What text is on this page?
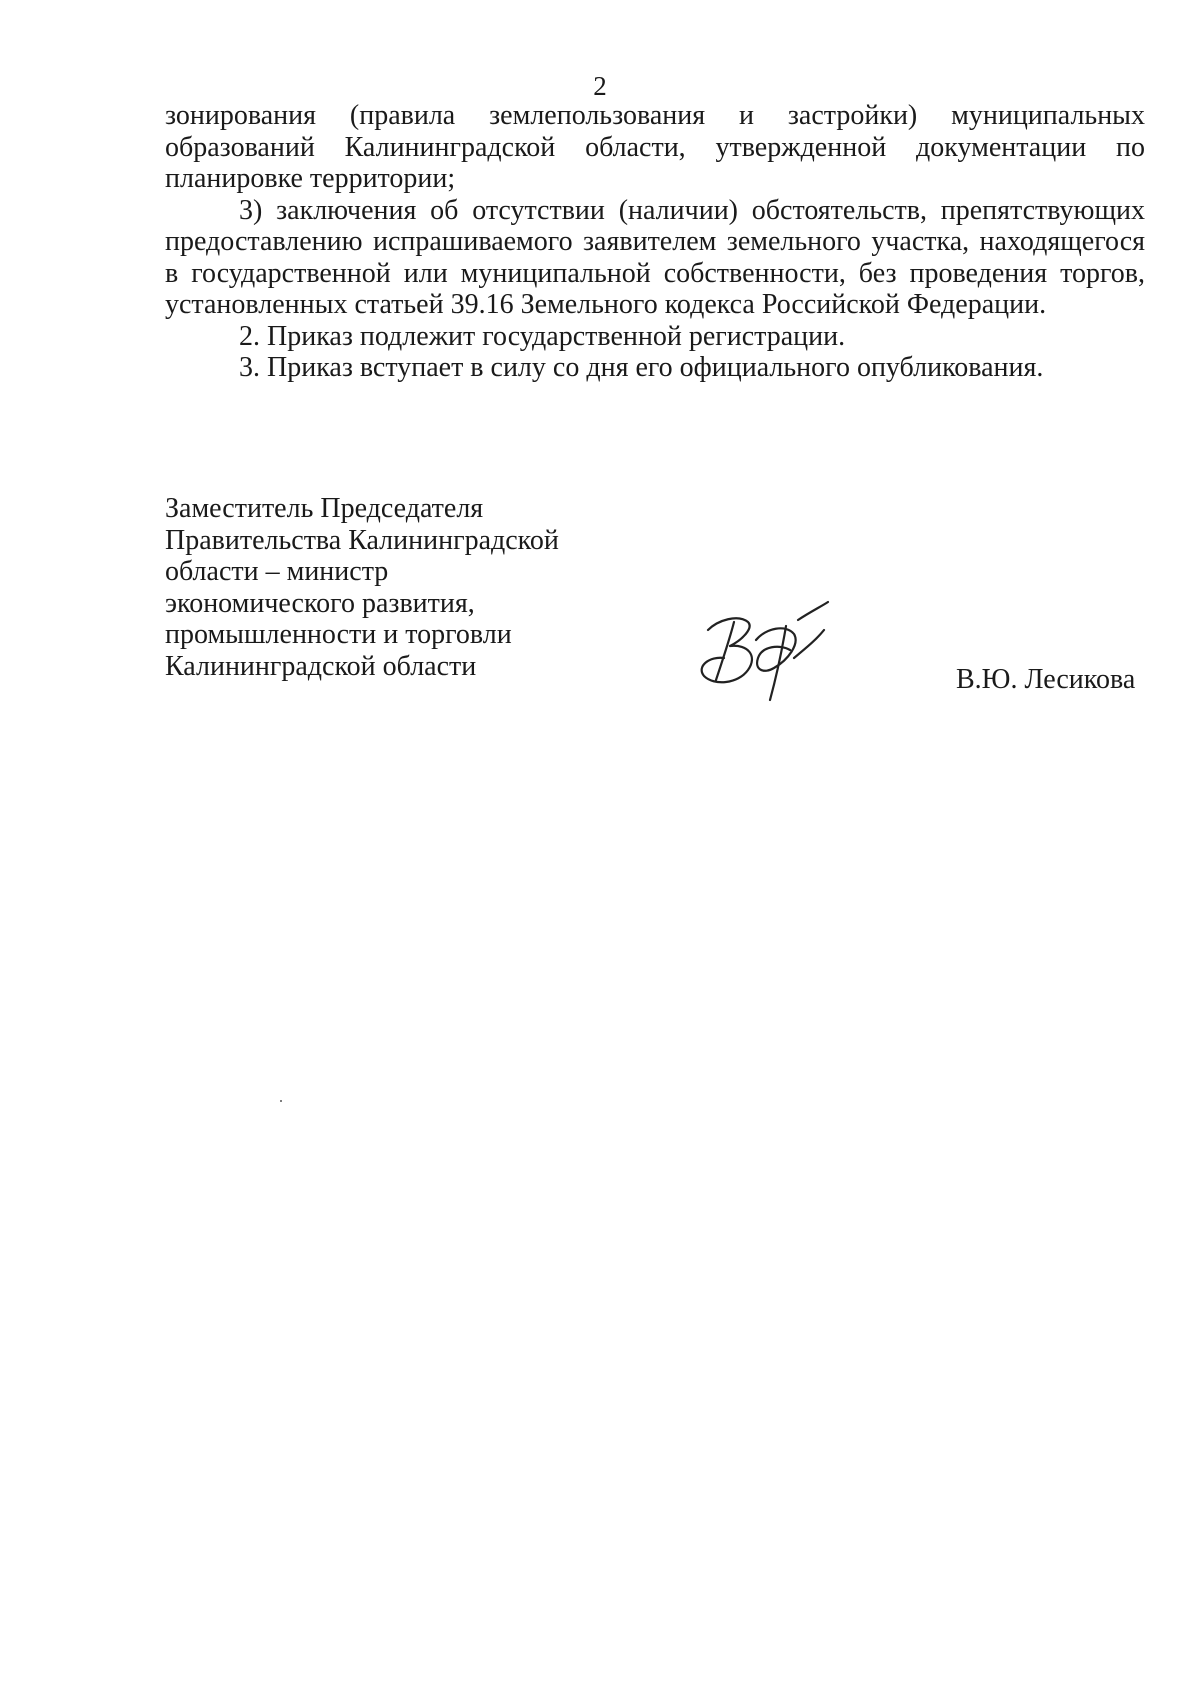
2

зонирования (правила землепользования и застройки) муниципальных образований Калининградской области, утвержденной документации по планировке территории;

3) заключения об отсутствии (наличии) обстоятельств, препятствующих предоставлению испрашиваемого заявителем земельного участка, находящегося в государственной или муниципальной собственности, без проведения торгов, установленных статьей 39.16 Земельного кодекса Российской Федерации.

2. Приказ подлежит государственной регистрации.

3. Приказ вступает в силу со дня его официального опубликования.

Заместитель Председателя
Правительства Калининградской
области – министр
экономического развития,
промышленности и торговли
Калининградской области	В.Ю. Лесикова
